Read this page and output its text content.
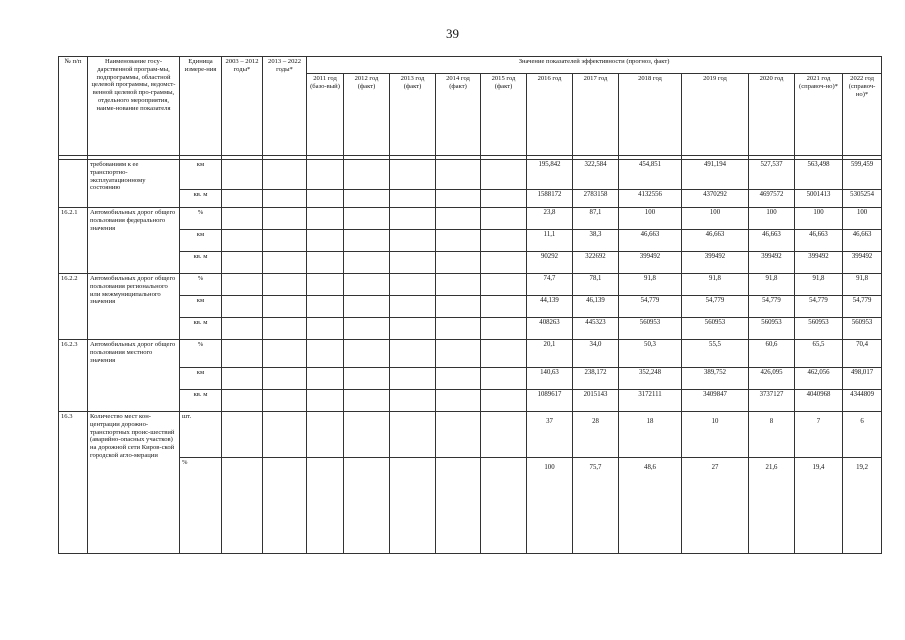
39
№ п/п	Наименование госу-дарственной програм-мы, подпрограммы, областной целевой программы, ведомст-венной целевой про-граммы, отдельного мероприятия, наиме-нование показателя	Единица измере-ния	2003 – 2012 годы*	2013 – 2022 годы*	Значение показателей эффективности (прогноз, факт)											
					2011 год (базо-вый)	2012 год (факт)	2013 год (факт)	2014 год (факт)	2015 год (факт)	2016 год	2017 год	2018 год	2019 год	2020 год	2021 год (справоч-но)*	2022 год (справоч-но)*

	требованиям к ее транспортно-эксплуатационному состоянию	км								195,842	322,584	454,851	491,194	527,537	563,498	599,459
		кв. м								1588172	2783158	4132556	4370292	4697572	5001413	5305254
16.2.1	Автомобильных дорог общего пользования федерального значения	%								23,8	87,1	100	100	100	100	100
		км								11,1	38,3	46,663	46,663	46,663	46,663	46,663
		кв. м								90292	322692	399492	399492	399492	399492	399492
16.2.2	Автомобильных дорог общего пользования регионального или межмуниципального значения	%								74,7	78,1	91,8	91,8	91,8	91,8	91,8
		км								44,139	46,139	54,779	54,779	54,779	54,779	54,779
		кв. м								408263	445323	560953	560953	560953	560953	560953
16.2.3	Автомобильных дорог общего пользования местного значения	%								20,1	34,0	50,3	55,5	60,6	65,5	70,4
		км								140,63	238,172	352,248	389,752	426,095	462,056	498,017
		кв. м								1089617	2015143	3172111	3409847	3737127	4040968	4344809
16.3	Количество мест кон-центрации дорожно-транспортных проис-шествий (аварийно-опасных участков) на дорожной сети Киров-ской городской агло-мерации	шт.								37	28	18	10	8	7	6
		%								100	75,7	48,6	27	21,6	19,4	19,2
